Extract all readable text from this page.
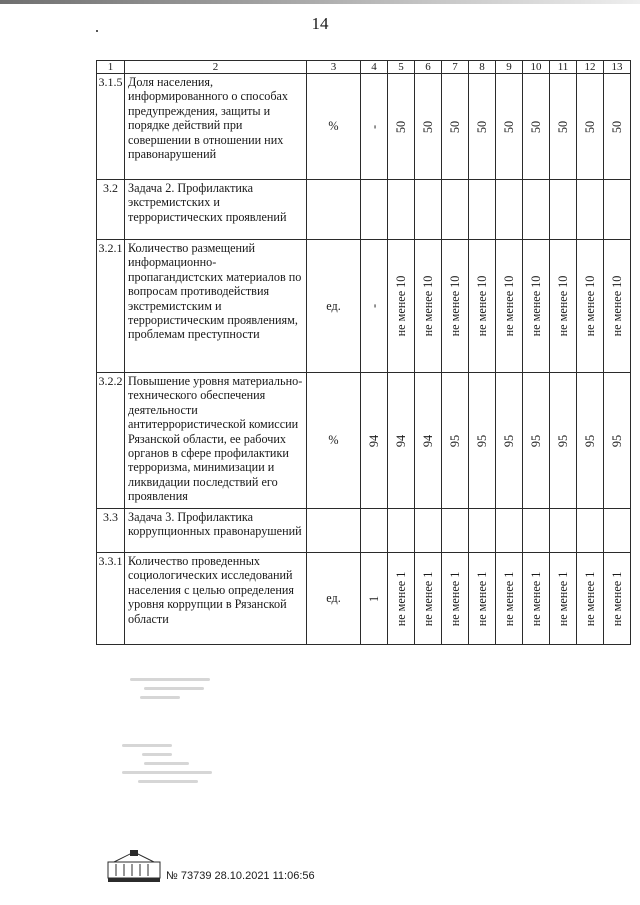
14
1	2	3	4	5	6	7	8	9	10	11	12	13
3.1.5	Доля населения, информированного о способах предупреждения, защиты и порядке действий при совершении в отношении них правонарушений	%	-	50	50	50	50	50	50	50	50	50

3.2	Задача 2. Профилактика экстремистских и террористических проявлений											
3.2.1	Количество размещений информационно-пропагандистских материалов по вопросам противодействия экстремистским и террористическим проявлениям, проблемам преступности	ед.	-	не менее 10	не менее 10	не менее 10	не менее 10	не менее 10	не менее 10	не менее 10	не менее 10	не менее 10

3.2.2	Повышение уровня материально-технического обеспечения деятельности антитеррористической комиссии Рязанской области, ее рабочих органов в сфере профилактики терроризма, минимизации и ликвидации последствий его проявления	%	94	94	94	95	95	95	95	95	95	95

3.3	Задача 3. Профилактика коррупционных правонарушений											
3.3.1	Количество проведенных социологических исследований населения с целью определения уровня коррупции в Рязанской области	ед.	1	не менее 1	не менее 1	не менее 1	не менее 1	не менее 1	не менее 1	не менее 1	не менее 1	не менее 1
№ 73739 28.10.2021 11:06:56
